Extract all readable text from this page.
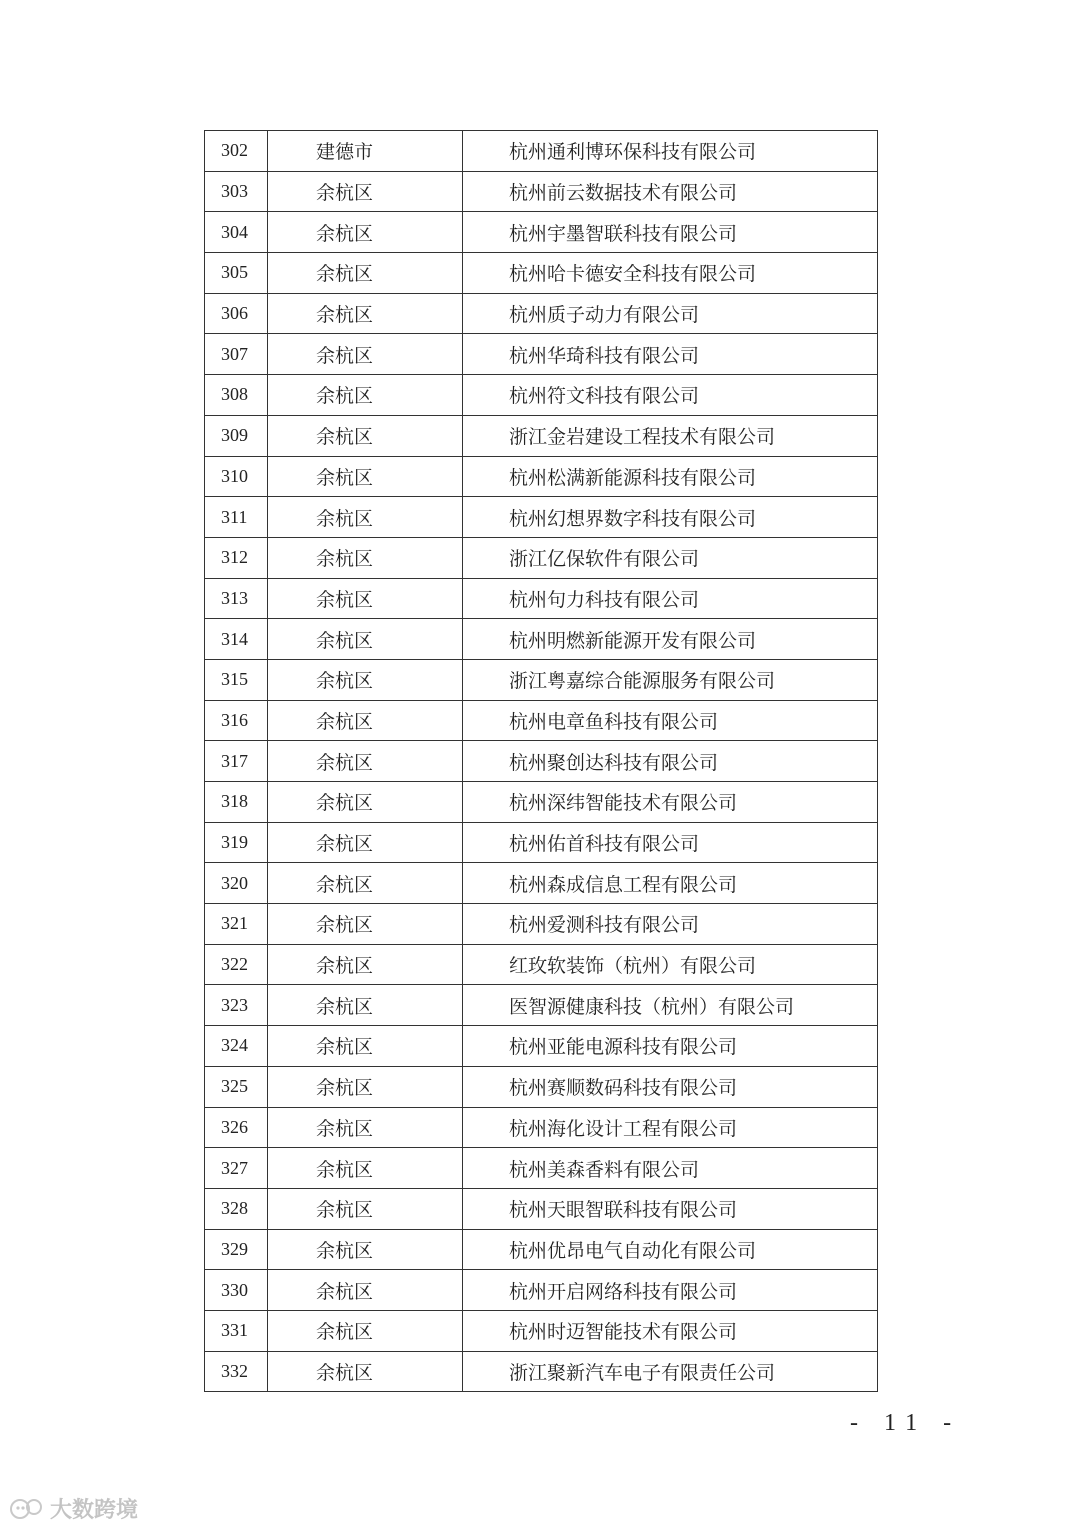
302	建德市	杭州通利博环保科技有限公司
303	余杭区	杭州前云数据技术有限公司
304	余杭区	杭州宇墨智联科技有限公司
305	余杭区	杭州哈卡德安全科技有限公司
306	余杭区	杭州质子动力有限公司
307	余杭区	杭州华琦科技有限公司
308	余杭区	杭州符文科技有限公司
309	余杭区	浙江金岩建设工程技术有限公司
310	余杭区	杭州松满新能源科技有限公司
311	余杭区	杭州幻想界数字科技有限公司
312	余杭区	浙江亿保软件有限公司
313	余杭区	杭州句力科技有限公司
314	余杭区	杭州明燃新能源开发有限公司
315	余杭区	浙江粤嘉综合能源服务有限公司
316	余杭区	杭州电章鱼科技有限公司
317	余杭区	杭州聚创达科技有限公司
318	余杭区	杭州深纬智能技术有限公司
319	余杭区	杭州佑首科技有限公司
320	余杭区	杭州森成信息工程有限公司
321	余杭区	杭州爱测科技有限公司
322	余杭区	红玫软装饰（杭州）有限公司
323	余杭区	医智源健康科技（杭州）有限公司
324	余杭区	杭州亚能电源科技有限公司
325	余杭区	杭州赛顺数码科技有限公司
326	余杭区	杭州海化设计工程有限公司
327	余杭区	杭州美森香料有限公司
328	余杭区	杭州天眼智联科技有限公司
329	余杭区	杭州优昂电气自动化有限公司
330	余杭区	杭州开启网络科技有限公司
331	余杭区	杭州时迈智能技术有限公司
332	余杭区	浙江聚新汽车电子有限责任公司
- 11 -
大数跨境
